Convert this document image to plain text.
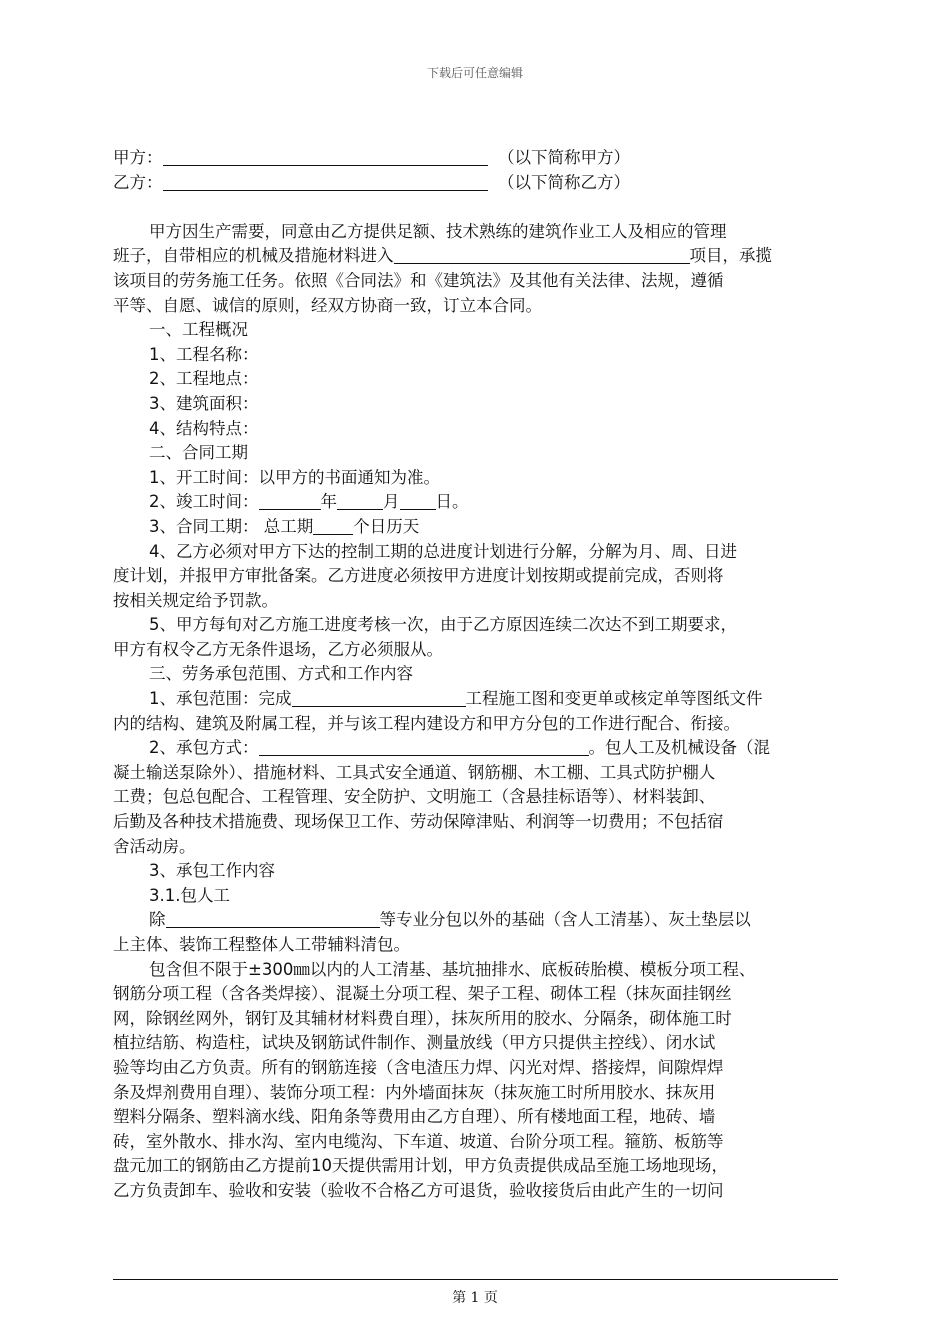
下载后可任意编辑
甲方：	（以下简称甲方）
乙方：	（以下简称乙方）
甲方因生产需要，同意由乙方提供足额、技术熟练的建筑作业工人及相应的管理
班子，自带相应的机械及措施材料进入	项目，承揽
该项目的劳务施工任务。依照《合同法》和《建筑法》及其他有关法律、法规，遵循
平等、自愿、诚信的原则，经双方协商一致，订立本合同。
一、工程概况
1、工程名称：
2、工程地点：
3、建筑面积：
4、结构特点：
二、合同工期
1、开工时间：以甲方的书面通知为准。
2、竣工时间：	年	月 日。
3、合同工期： 总工期 个日历天
4、乙方必须对甲方下达的控制工期的总进度计划进行分解，分解为月、周、日进
度计划，并报甲方审批备案。乙方进度必须按甲方进度计划按期或提前完成，否则将
按相关规定给予罚款。
5、甲方每旬对乙方施工进度考核一次，由于乙方原因连续二次达不到工期要求，
甲方有权令乙方无条件退场，乙方必须服从。
三、劳务承包范围、方式和工作内容
1、承包范围：完成	工程施工图和变更单或核定单等图纸文件
内的结构、建筑及附属工程，并与该工程内建设方和甲方分包的工作进行配合、衔接。
2、承包方式：	。包人工及机械设备（混
凝土输送泵除外）、措施材料、工具式安全通道、钢筋棚、木工棚、工具式防护棚人
工费；包总包配合、工程管理、安全防护、文明施工（含悬挂标语等）、材料装卸、
后勤及各种技术措施费、现场保卫工作、劳动保障津贴、利润等一切费用；不包括宿
舍活动房。
3、承包工作内容
3.1.包人工
除	等专业分包以外的基础（含人工清基）、灰土垫层以
上主体、装饰工程整体人工带辅料清包。
包含但不限于±300㎜以内的人工清基、基坑抽排水、底板砖胎模、模板分项工程、
钢筋分项工程（含各类焊接）、混凝土分项工程、架子工程、砌体工程（抹灰面挂钢丝
网，除钢丝网外，钢钉及其辅材材料费自理），抹灰所用的胶水、分隔条，砌体施工时
植拉结筋、构造柱，试块及钢筋试件制作、测量放线（甲方只提供主控线）、闭水试
验等均由乙方负责。所有的钢筋连接（含电渣压力焊、闪光对焊、搭接焊，间隙焊焊
条及焊剂费用自理）、装饰分项工程：内外墙面抹灰（抹灰施工时所用胶水、抹灰用
塑料分隔条、塑料滴水线、阳角条等费用由乙方自理）、所有楼地面工程，地砖、墙
砖，室外散水、排水沟、室内电缆沟、下车道、坡道、台阶分项工程。箍筋、板筋等
盘元加工的钢筋由乙方提前10天提供需用计划，甲方负责提供成品至施工场地现场，
乙方负责卸车、验收和安装（验收不合格乙方可退货，验收接货后由此产生的一切问
第 1 页
